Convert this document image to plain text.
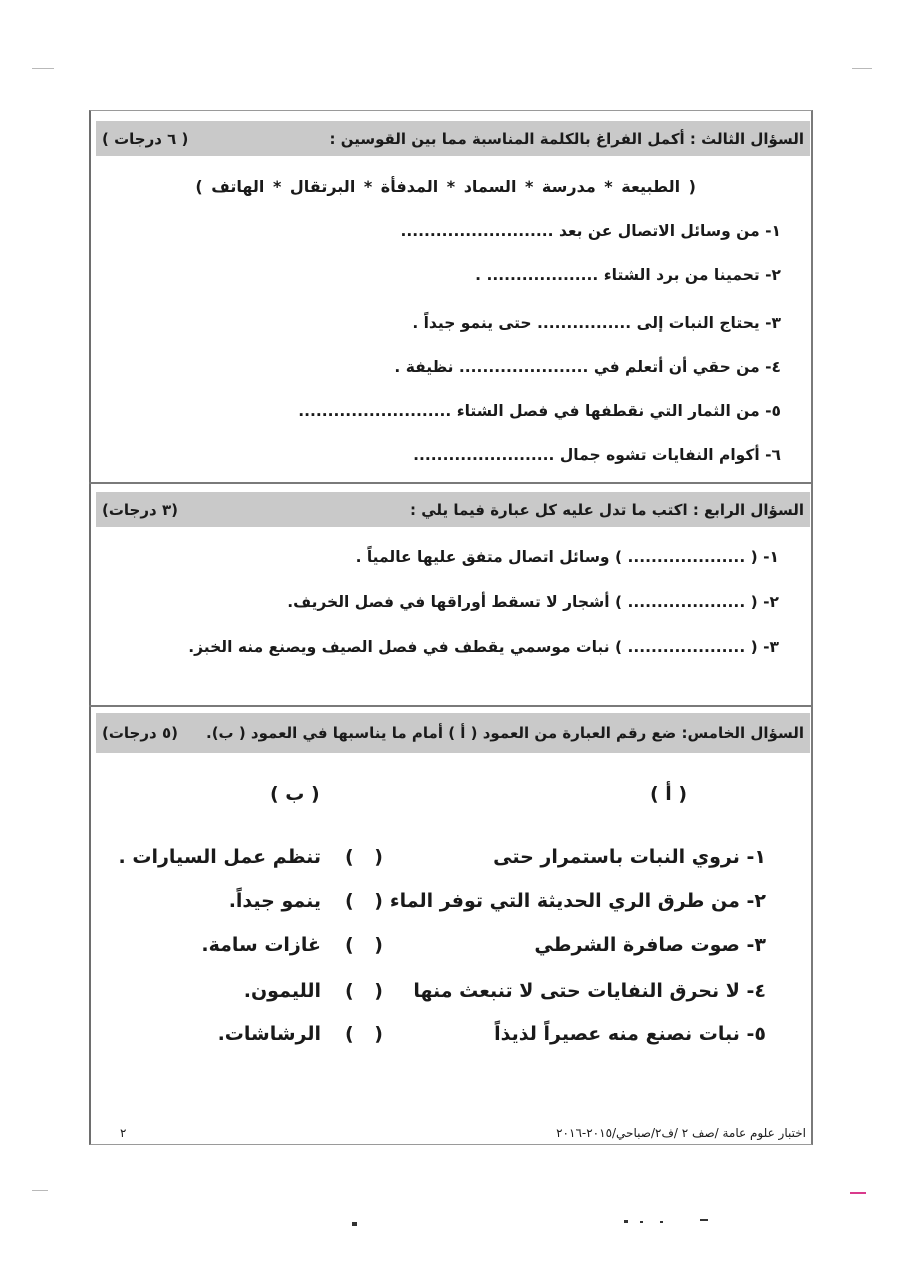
السؤال الثالث : أكمل الفراغ بالكلمة المناسبة مما بين القوسين :
( ٦ درجات )
( الطبيعة * مدرسة * السماد * المدفأة * البرتقال * الهاتف )
١- من وسائل الاتصال عن بعد ..........................
٢- تحمينا من برد الشتاء ................... .
٣- يحتاج النبات إلى ................ حتى ينمو جيداً .
٤- من حقي أن أتعلم في ...................... نظيفة .
٥- من الثمار التي نقطفها في فصل الشتاء ..........................
٦- أكوام النفايات تشوه جمال ........................
السؤال الرابع : اكتب ما تدل عليه كل عبارة فيما يلي :
(٣ درجات)
١- ( .................... ) وسائل اتصال متفق عليها عالمياً .
٢- ( .................... ) أشجار لا تسقط أوراقها في فصل الخريف.
٣- ( .................... ) نبات موسمي يقطف في فصل الصيف ويصنع منه الخبز.
السؤال الخامس: ضع رقم العبارة من العمود ( أ ) أمام ما يناسبها في العمود ( ب).
(٥ درجات)
( أ )
( ب )
١- نروي النبات باستمرار حتى
( )
تنظم عمل السيارات .
٢- من طرق الري الحديثة التي توفر الماء
( )
ينمو جيداً.
٣- صوت صافرة الشرطي
( )
غازات سامة.
٤- لا نحرق النفايات حتى لا تنبعث منها
( )
الليمون.
٥- نبات نصنع منه عصيراً لذيذاً
( )
الرشاشات.
اختبار علوم عامة /صف ٢ /ف٢/صباحي/٢٠١٥-٢٠١٦
٢
